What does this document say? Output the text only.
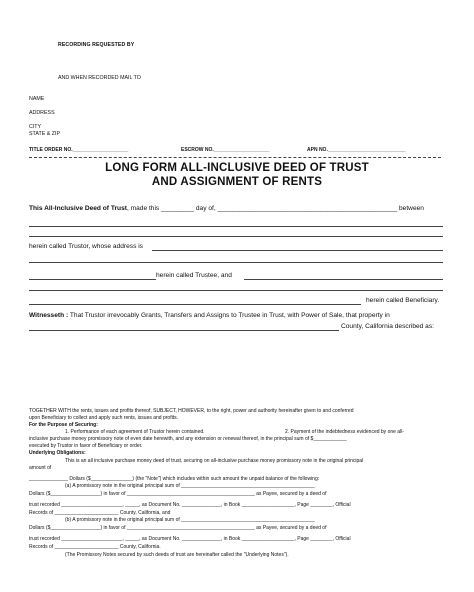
RECORDING REQUESTED BY
AND WHEN RECORDED MAIL TO
NAME
ADDRESS
CITY
STATE & ZIP
TITLE ORDER NO.____________________	ESCROW NO.____________________	APN NO.____________________________
LONG FORM ALL-INCLUSIVE DEED OF TRUST
AND ASSIGNMENT OF RENTS
This All-Inclusive Deed of Trust, made this _________ day of, _________________________________________________ between
herein called Trustor, whose address is
herein called Trustee, and
herein called Beneficiary.
Witnesseth : That Trustor irrevocably Grants, Transfers and Assigns to Trustee in Trust, with Power of Sale, that property in
County, California described as:
TOGETHER WITH the rents, issues and profits thereof, SUBJECT, HOWEVER, to the right, power and authority hereinafter given to and conferred
upon Beneficiary to collect and apply such rents, issues and profits.
For the Purpose of Securing:
1. Performance of each agreement of Trustor herein contained.	2. Payment of the indebtedness evidenced by one all-
inclusive purchase money promissory note of even date herewith, and any extension or renewal thereof, in the principal sum of $____________
executed by Trustor in favor of Beneficiary or order.
Underlying Obligations:
This is an all inclusive purchase money deed of trust, securing on all-inclusive purchase money promissory note in the original principal
amount of
______________ Dollars ($_______________) (the "Note") which includes within such amount the unpaid balance of the following:
(a) A promissory note in the original principal sum of ________________________________________________
Dollars ($__________________) in favor of ______________________________________________ as Payee, secured by a deed of
trust recorded ______________________, _____, as Document No. ______________, in Book ___________________, Page ________, Official
Records of _______________________ County, California, and
(b) A promissory note in the original principal sum of ________________________________________________
Dollars ($__________________) in favor of ______________________________________________ as Payee, secured by a deed of
trust recorded ______________________, _____, as Document No. ______________, in Book ___________________, Page ________, Official
Records of _______________________ County, California.
(The Promissory Notes secured by such deeds of trust are hereinafter called the "Underlying Notes").
